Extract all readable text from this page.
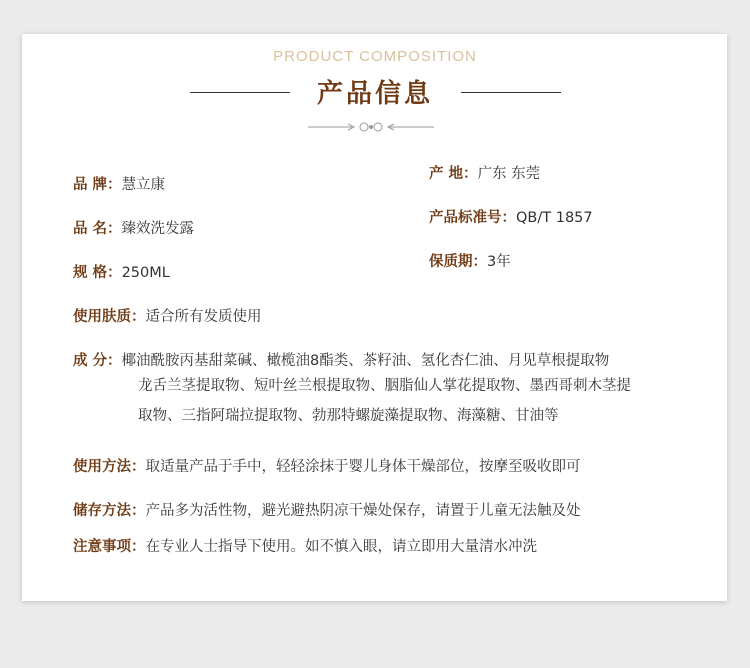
PRODUCT COMPOSITION
产品信息
品 牌：慧立康
品 名：臻效洗发露
规 格：250ML
产 地：广东 东莞
产品标准号：QB/T 1857
保质期：3年
使用肤质：适合所有发质使用
成 分：椰油酰胺丙基甜菜碱、橄榄油8酯类、茶籽油、氢化杏仁油、月见草根提取物
龙舌兰茎提取物、短叶丝兰根提取物、胭脂仙人掌花提取物、墨西哥刺木茎提
取物、三指阿瑞拉提取物、勃那特螺旋藻提取物、海藻糖、甘油等
使用方法：取适量产品于手中，轻轻涂抹于婴儿身体干燥部位，按摩至吸收即可
储存方法：产品多为活性物，避光避热阴凉干燥处保存，请置于儿童无法触及处
注意事项：在专业人士指导下使用。如不慎入眼，请立即用大量清水冲洗
